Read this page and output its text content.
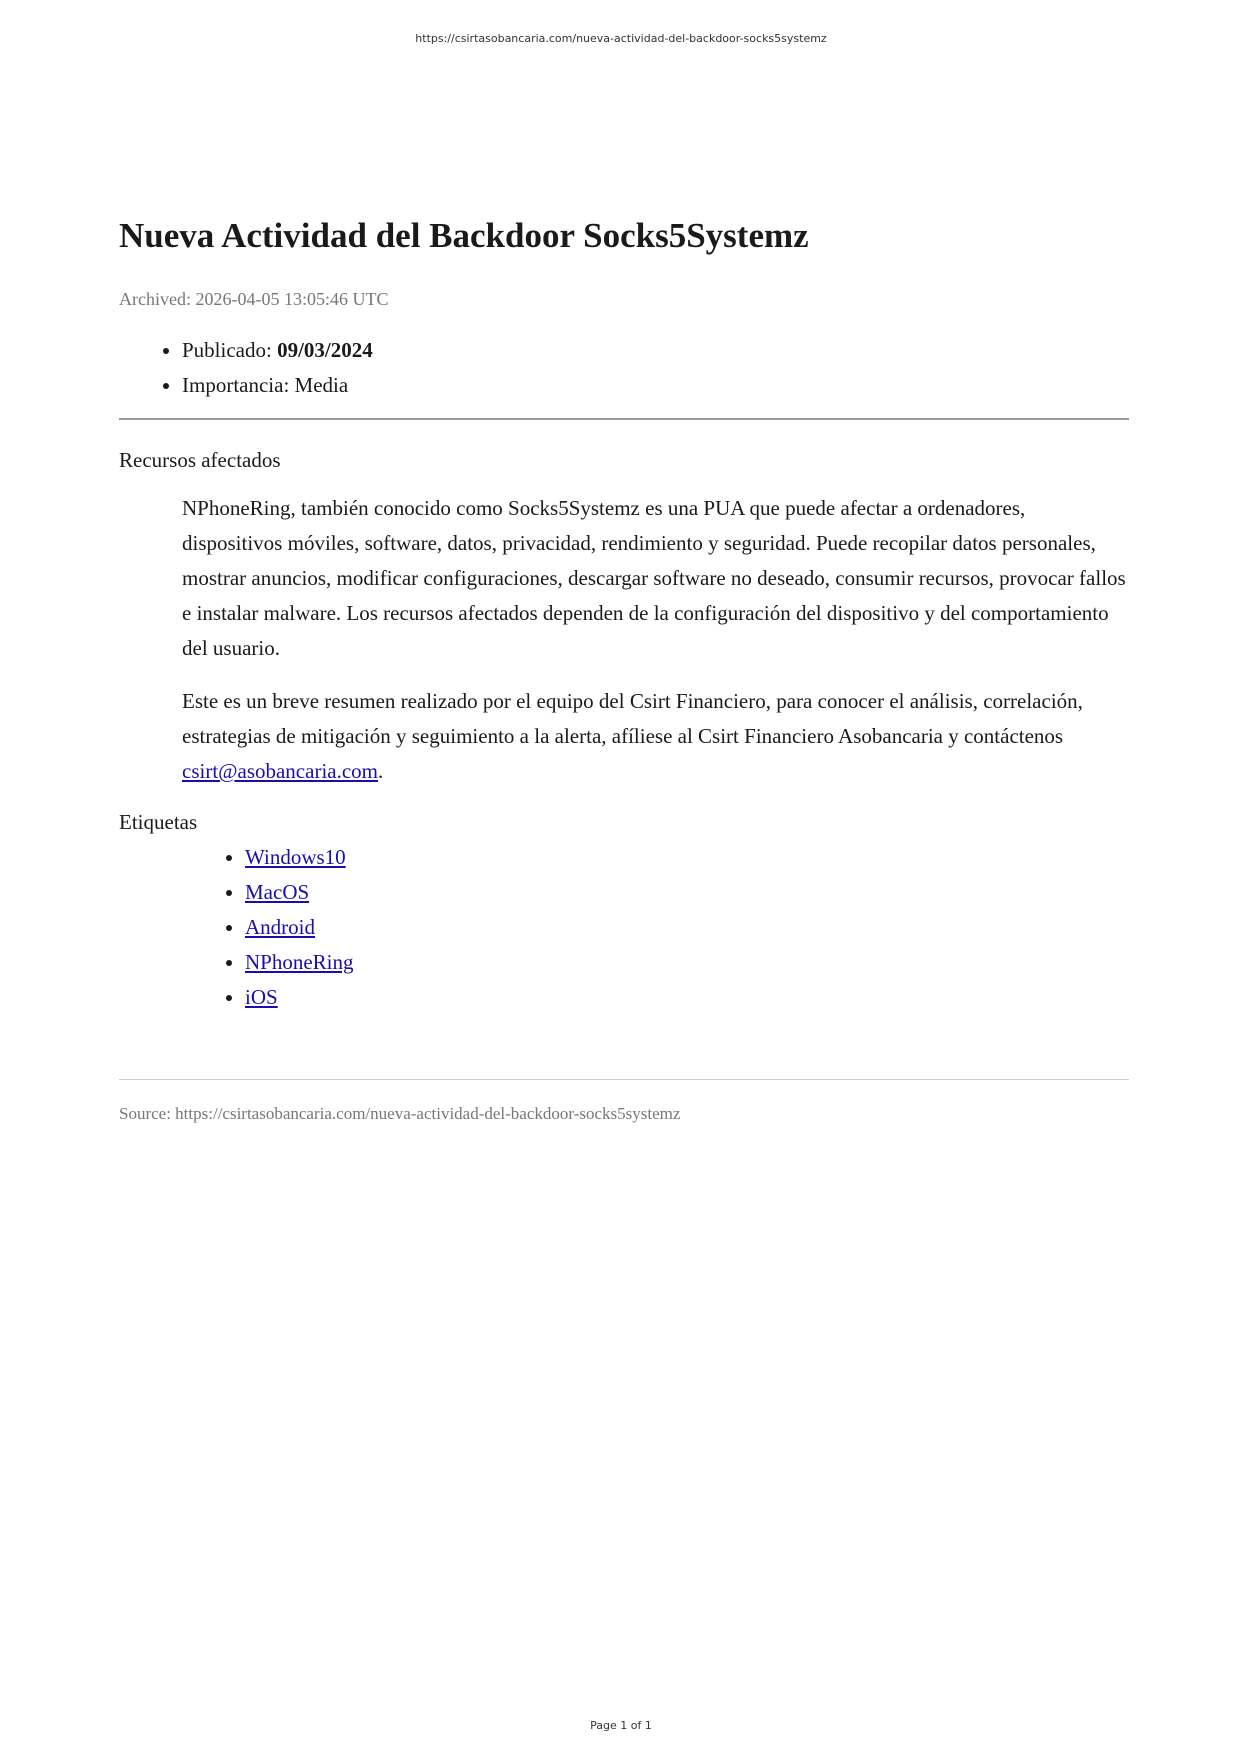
https://csirtasobancaria.com/nueva-actividad-del-backdoor-socks5systemz
Nueva Actividad del Backdoor Socks5Systemz
Archived: 2026-04-05 13:05:46 UTC
• Publicado: 09/03/2024
• Importancia: Media
Recursos afectados

NPhoneRing, también conocido como Socks5Systemz es una PUA que puede afectar a ordenadores, dispositivos móviles, software, datos, privacidad, rendimiento y seguridad. Puede recopilar datos personales, mostrar anuncios, modificar configuraciones, descargar software no deseado, consumir recursos, provocar fallos e instalar malware. Los recursos afectados dependen de la configuración del dispositivo y del comportamiento del usuario.

Este es un breve resumen realizado por el equipo del Csirt Financiero, para conocer el análisis, correlación, estrategias de mitigación y seguimiento a la alerta, afíliese al Csirt Financiero Asobancaria y contáctenos csirt@asobancaria.com.

Etiquetas
• Windows10
• MacOS
• Android
• NPhoneRing
• iOS
Source: https://csirtasobancaria.com/nueva-actividad-del-backdoor-socks5systemz
Page 1 of 1
